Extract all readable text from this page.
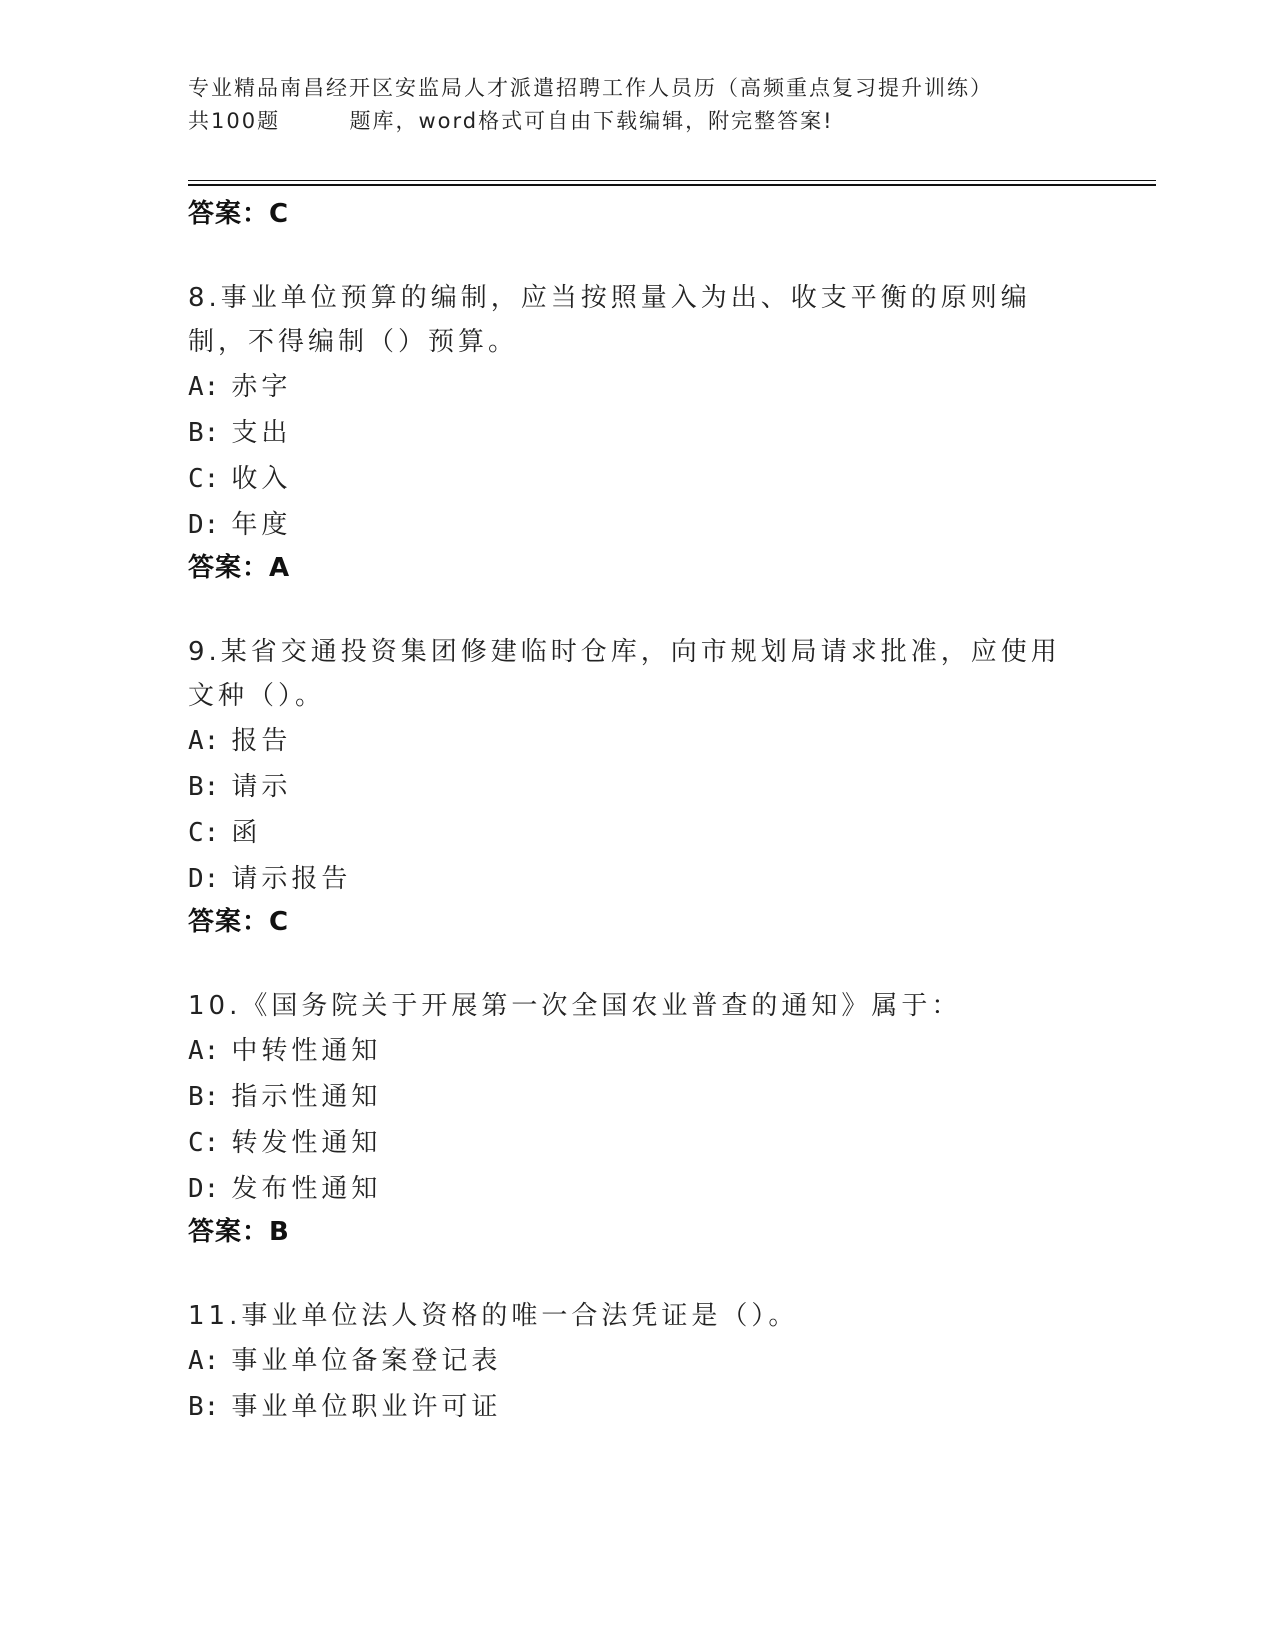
专业精品南昌经开区安监局人才派遣招聘工作人员历（高频重点复习提升训练）
共100题        题库，word格式可自由下载编辑，附完整答案!
答案：C
8.事业单位预算的编制，应当按照量入为出、收支平衡的原则编制，不得编制（）预算。
A: 赤字
B: 支出
C: 收入
D: 年度
答案：A
9.某省交通投资集团修建临时仓库，向市规划局请求批准，应使用文种（）。
A: 报告
B: 请示
C: 函
D: 请示报告
答案：C
10.《国务院关于开展第一次全国农业普查的通知》属于：
A: 中转性通知
B: 指示性通知
C: 转发性通知
D: 发布性通知
答案：B
11.事业单位法人资格的唯一合法凭证是（）。
A: 事业单位备案登记表
B: 事业单位职业许可证
